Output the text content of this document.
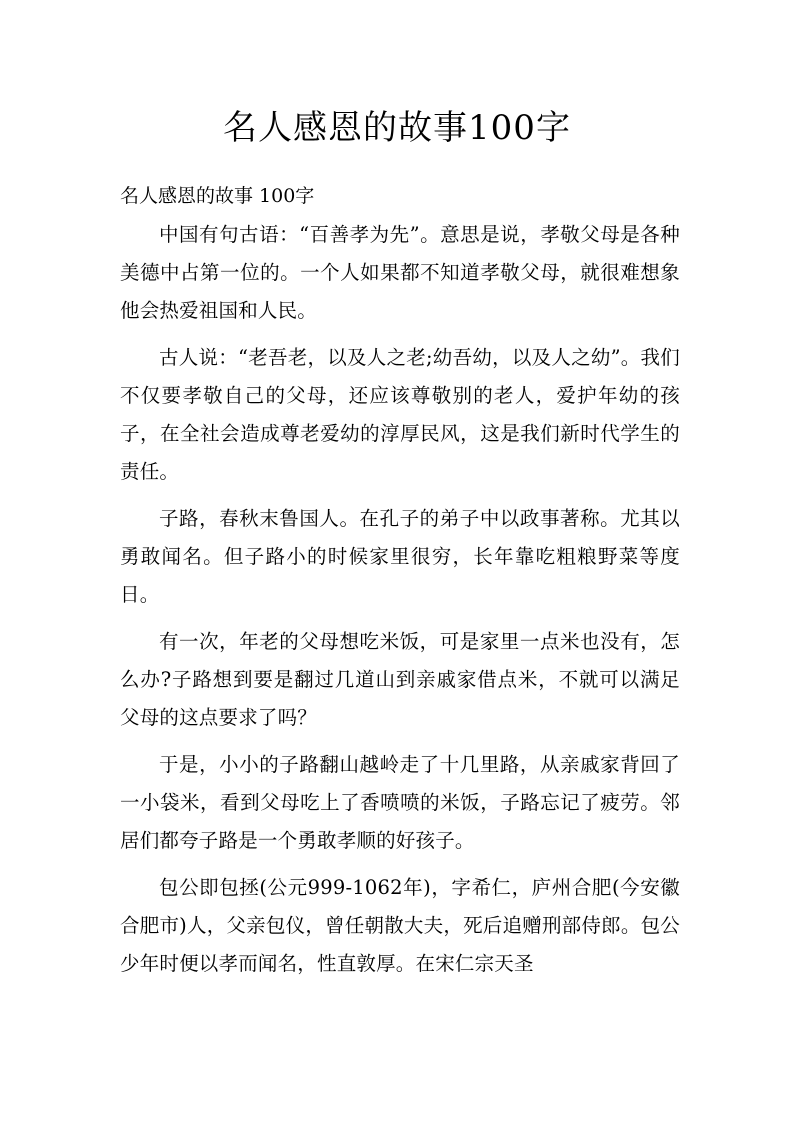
名人感恩的故事100字

名人感恩的故事 100字

中国有句古语：“百善孝为先”。意思是说，孝敬父母是各种美德中占第一位的。一个人如果都不知道孝敬父母，就很难想象他会热爱祖国和人民。

古人说：“老吾老，以及人之老;幼吾幼，以及人之幼”。我们不仅要孝敬自己的父母，还应该尊敬别的老人，爱护年幼的孩子，在全社会造成尊老爱幼的淳厚民风，这是我们新时代学生的责任。

子路，春秋末鲁国人。在孔子的弟子中以政事著称。尤其以勇敢闻名。但子路小的时候家里很穷，长年靠吃粗粮野菜等度日。

有一次，年老的父母想吃米饭，可是家里一点米也没有，怎么办?子路想到要是翻过几道山到亲戚家借点米，不就可以满足父母的这点要求了吗？

于是，小小的子路翻山越岭走了十几里路，从亲戚家背回了一小袋米，看到父母吃上了香喷喷的米饭，子路忘记了疲劳。邻居们都夸子路是一个勇敢孝顺的好孩子。

包公即包拯(公元999-1062年)，字希仁，庐州合肥(今安徽合肥市)人，父亲包仪，曾任朝散大夫，死后追赠刑部侍郎。包公少年时便以孝而闻名，性直敦厚。在宋仁宗天圣
